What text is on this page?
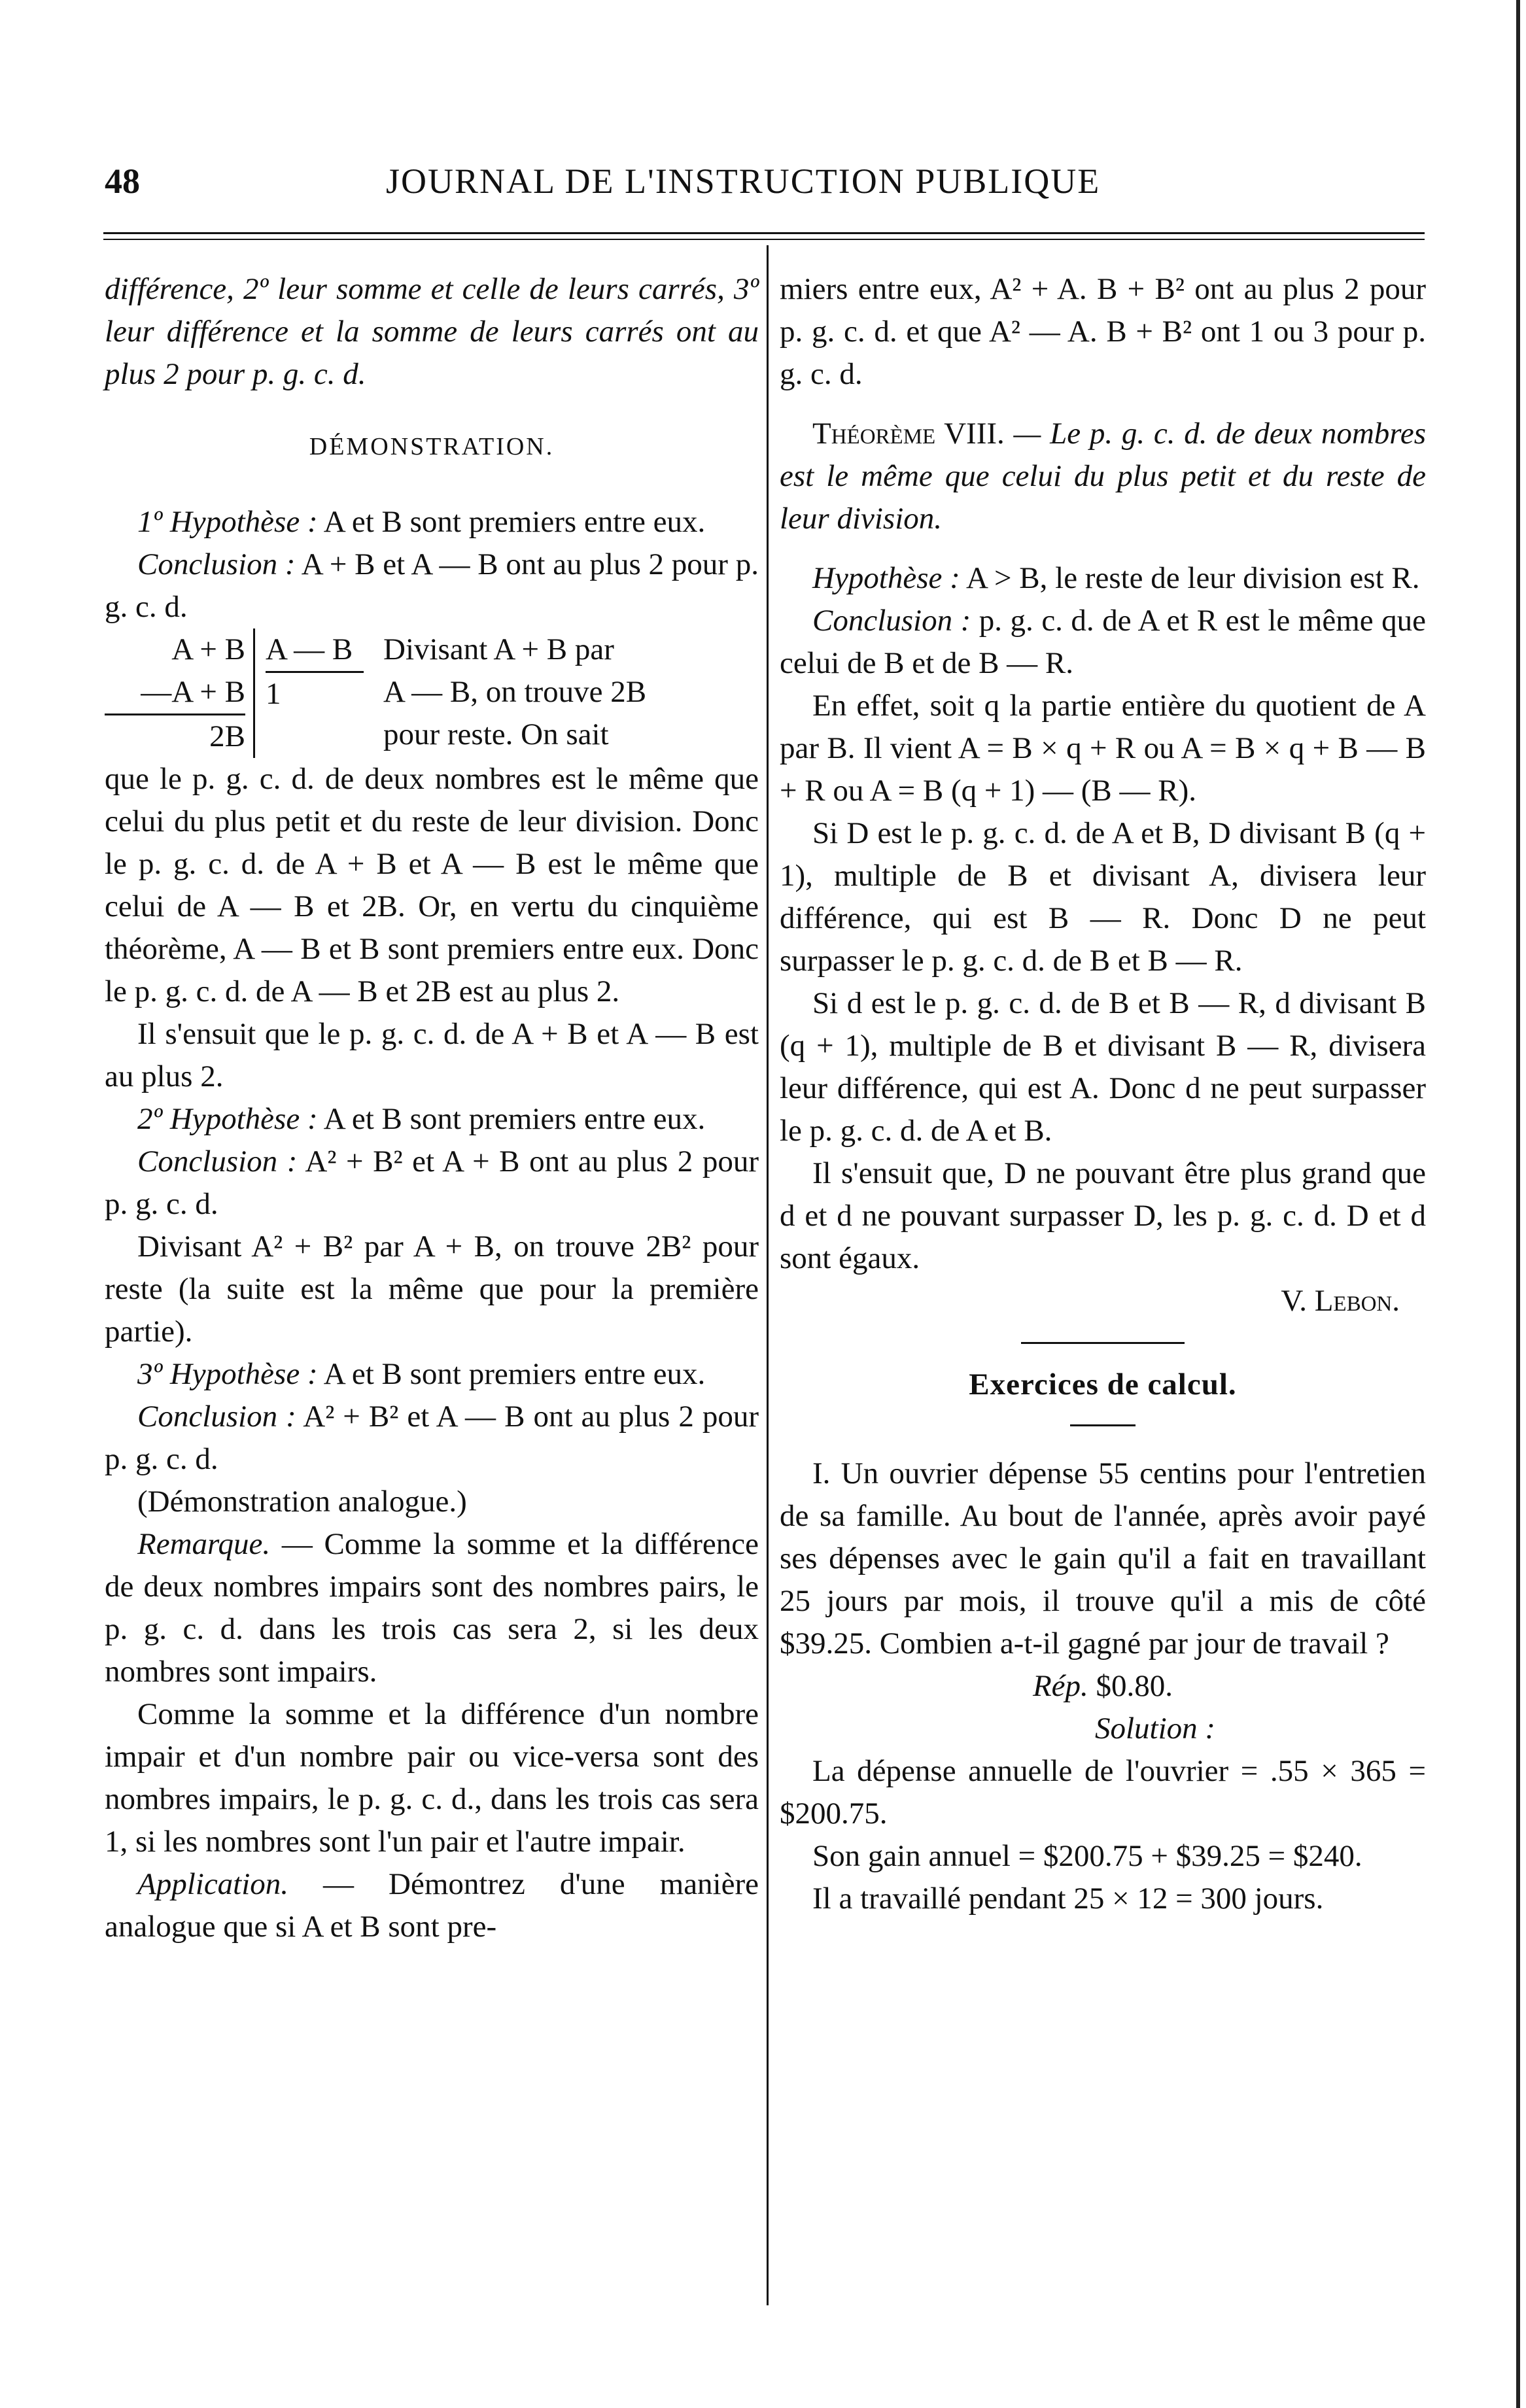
48	JOURNAL DE L'INSTRUCTION PUBLIQUE

différence, 2º leur somme et celle de leurs carrés, 3º leur différence et la somme de leurs carrés ont au plus 2 pour p. g. c. d.

DÉMONSTRATION.

1º Hypothèse : A et B sont premiers entre eux.

Conclusion : A + B et A — B ont au plus 2 pour p. g. c. d.

A + B
—A + B
2B
A — B
1
Divisant A + B par
A — B, on trouve 2B
pour reste. On sait

que le p. g. c. d. de deux nombres est le même que celui du plus petit et du reste de leur division. Donc le p. g. c. d. de A + B et A — B est le même que celui de A — B et 2B. Or, en vertu du cinquième théorème, A — B et B sont premiers entre eux. Donc le p. g. c. d. de A — B et 2B est au plus 2.

Il s'ensuit que le p. g. c. d. de A + B et A — B est au plus 2.

2º Hypothèse : A et B sont premiers entre eux.

Conclusion : A² + B² et A + B ont au plus 2 pour p. g. c. d.

Divisant A² + B² par A + B, on trouve 2B² pour reste (la suite est la même que pour la première partie).

3º Hypothèse : A et B sont premiers entre eux.

Conclusion : A² + B² et A — B ont au plus 2 pour p. g. c. d.

(Démonstration analogue.)

Remarque. — Comme la somme et la différence de deux nombres impairs sont des nombres pairs, le p. g. c. d. dans les trois cas sera 2, si les deux nombres sont impairs.

Comme la somme et la différence d'un nombre impair et d'un nombre pair ou vice-versa sont des nombres impairs, le p. g. c. d., dans les trois cas sera 1, si les nombres sont l'un pair et l'autre impair.

Application. — Démontrez d'une manière analogue que si A et B sont pre-

miers entre eux, A² + A. B + B² ont au plus 2 pour p. g. c. d. et que A² — A. B + B² ont 1 ou 3 pour p. g. c. d.

Théorème VIII. — Le p. g. c. d. de deux nombres est le même que celui du plus petit et du reste de leur division.

Hypothèse : A > B, le reste de leur division est R.

Conclusion : p. g. c. d. de A et R est le même que celui de B et de B — R.

En effet, soit q la partie entière du quotient de A par B. Il vient A = B × q + R ou A = B × q + B — B + R ou A = B (q + 1) — (B — R).

Si D est le p. g. c. d. de A et B, D divisant B (q + 1), multiple de B et divisant A, divisera leur différence, qui est B — R. Donc D ne peut surpasser le p. g. c. d. de B et B — R.

Si d est le p. g. c. d. de B et B — R, d divisant B (q + 1), multiple de B et divisant B — R, divisera leur différence, qui est A. Donc d ne peut surpasser le p. g. c. d. de A et B.

Il s'ensuit que, D ne pouvant être plus grand que d et d ne pouvant surpasser D, les p. g. c. d. D et d sont égaux.

V. Lebon.

Exercices de calcul.

I. Un ouvrier dépense 55 centins pour l'entretien de sa famille. Au bout de l'année, après avoir payé ses dépenses avec le gain qu'il a fait en travaillant 25 jours par mois, il trouve qu'il a mis de côté $39.25. Combien a-t-il gagné par jour de travail ?

Rép. $0.80.

Solution :

La dépense annuelle de l'ouvrier = .55 × 365 = $200.75.

Son gain annuel = $200.75 + $39.25 = $240.

Il a travaillé pendant 25 × 12 = 300 jours.
